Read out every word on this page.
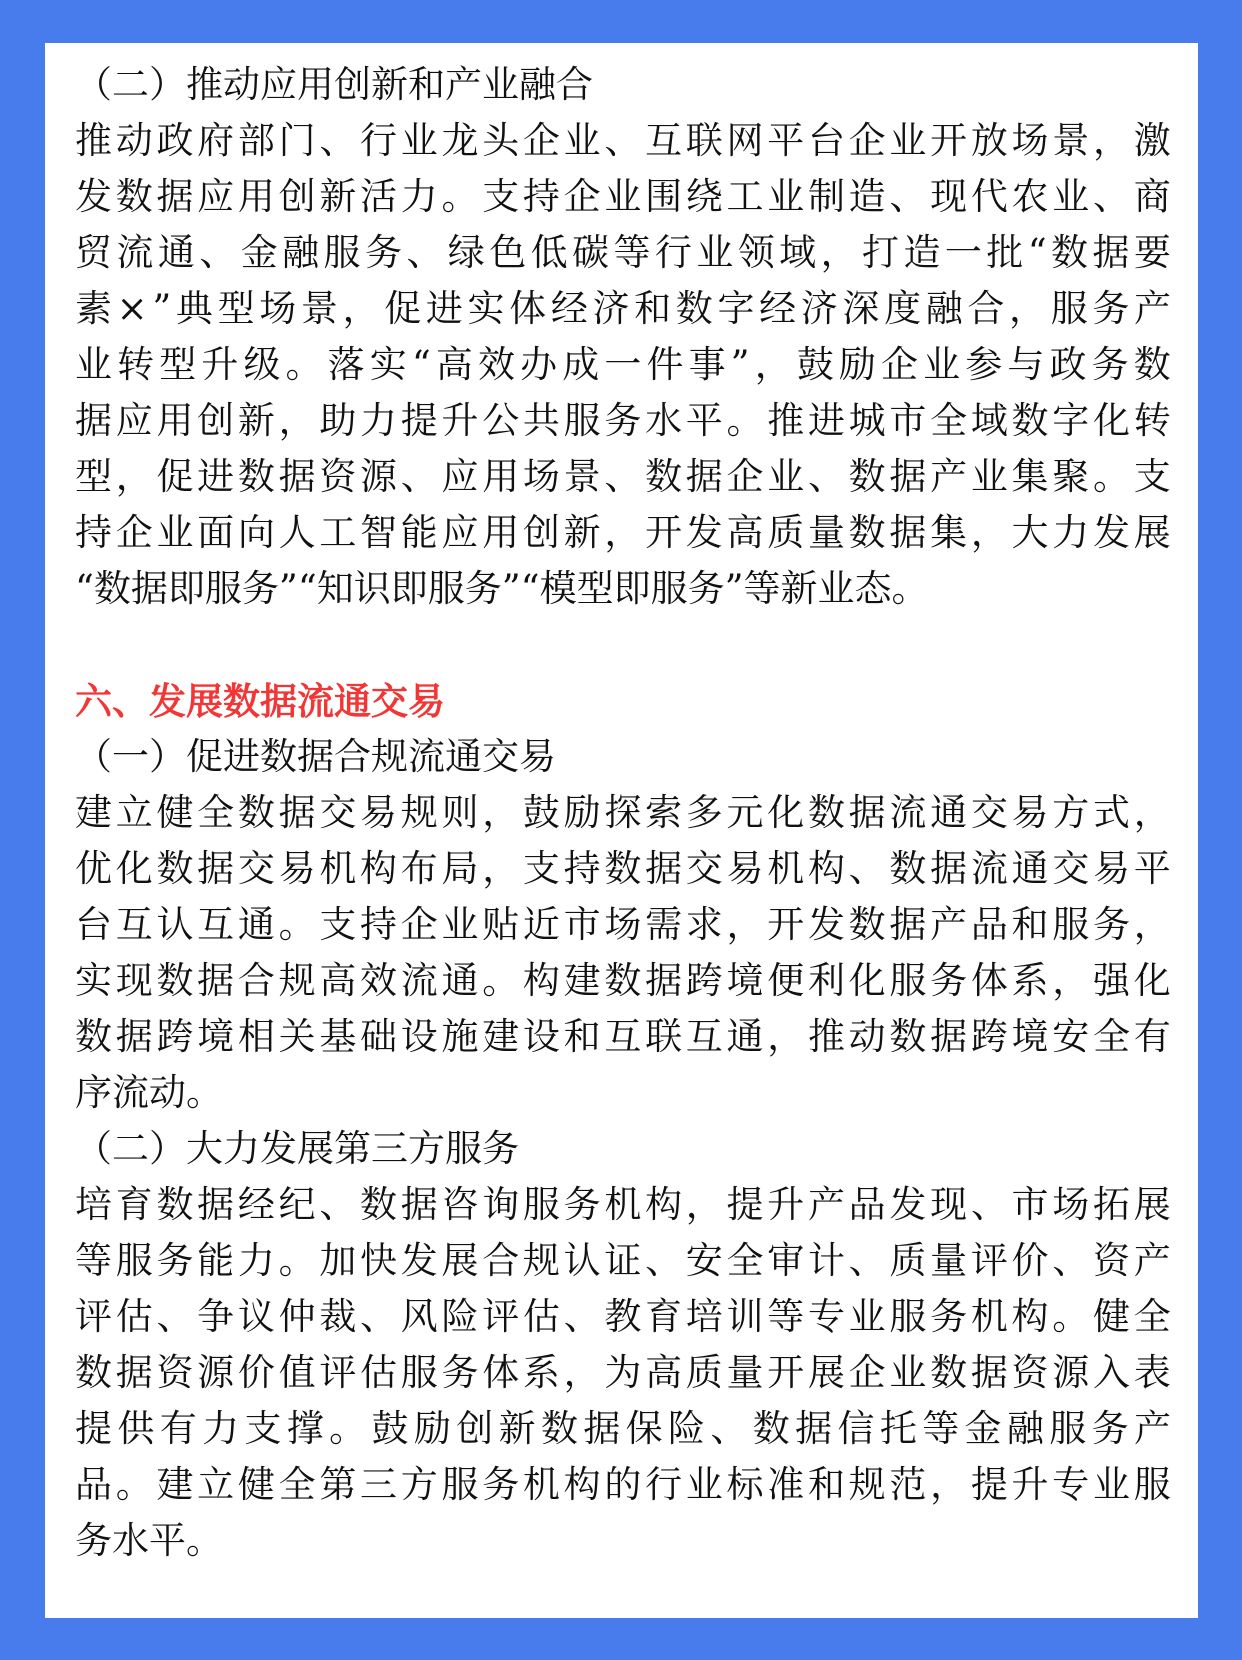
（二）推动应用创新和产业融合
推 动 政 府 部 门 、 行 业 龙 头 企 业 、 互 联 网 平 台 企 业 开 放 场 景 ， 激
发 数 据 应 用 创 新 活 力 。 支 持 企 业 围 绕 工 业 制 造 、 现 代 农 业 、 商
贸 流 通 、 金 融 服 务 、 绿 色 低 碳 等 行 业 领 域 ， 打 造 一 批 “ 数 据 要
素 × ” 典 型 场 景 ， 促 进 实 体 经 济 和 数 字 经 济 深 度 融 合 ， 服 务 产
业 转 型 升 级 。 落 实 “ 高 效 办 成 一 件 事 ” ， 鼓 励 企 业 参 与 政 务 数
据 应 用 创 新 ， 助 力 提 升 公 共 服 务 水 平 。 推 进 城 市 全 域 数 字 化 转
型 ， 促 进 数 据 资 源 、 应 用 场 景 、 数 据 企 业 、 数 据 产 业 集 聚 。 支
持 企 业 面 向 人 工 智 能 应 用 创 新 ， 开 发 高 质 量 数 据 集 ， 大 力 发 展
“数据即服务”“知识即服务”“模型即服务”等新业态。
六、发展数据流通交易
（一）促进数据合规流通交易
建 立 健 全 数 据 交 易 规 则 ， 鼓 励 探 索 多 元 化 数 据 流 通 交 易 方 式 ，
优 化 数 据 交 易 机 构 布 局 ， 支 持 数 据 交 易 机 构 、 数 据 流 通 交 易 平
台 互 认 互 通 。 支 持 企 业 贴 近 市 场 需 求 ， 开 发 数 据 产 品 和 服 务 ，
实 现 数 据 合 规 高 效 流 通 。 构 建 数 据 跨 境 便 利 化 服 务 体 系 ， 强 化
数 据 跨 境 相 关 基 础 设 施 建 设 和 互 联 互 通 ， 推 动 数 据 跨 境 安 全 有
序流动。
（二）大力发展第三方服务
培 育 数 据 经 纪 、 数 据 咨 询 服 务 机 构 ， 提 升 产 品 发 现 、 市 场 拓 展
等 服 务 能 力 。 加 快 发 展 合 规 认 证 、 安 全 审 计 、 质 量 评 价 、 资 产
评 估 、 争 议 仲 裁 、 风 险 评 估 、 教 育 培 训 等 专 业 服 务 机 构 。 健 全
数 据 资 源 价 值 评 估 服 务 体 系 ， 为 高 质 量 开 展 企 业 数 据 资 源 入 表
提 供 有 力 支 撑 。 鼓 励 创 新 数 据 保 险 、 数 据 信 托 等 金 融 服 务 产
品 。 建 立 健 全 第 三 方 服 务 机 构 的 行 业 标 准 和 规 范 ， 提 升 专 业 服
务水平。
